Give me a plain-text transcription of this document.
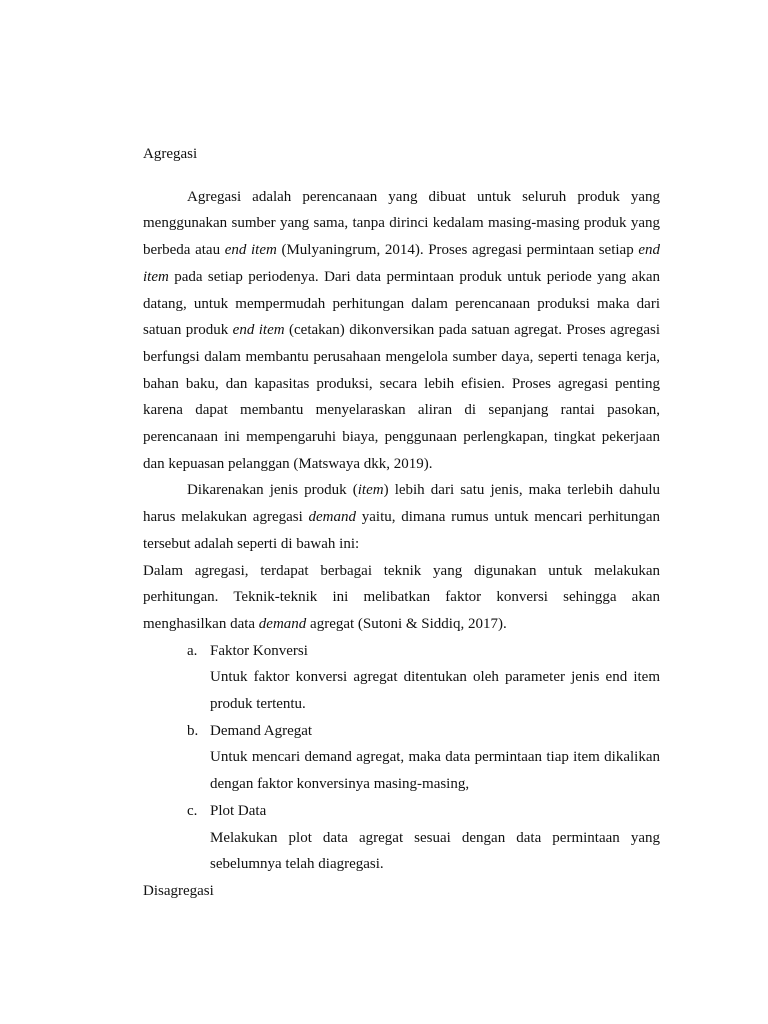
Agregasi

Agregasi adalah perencanaan yang dibuat untuk seluruh produk yang menggunakan sumber yang sama, tanpa dirinci kedalam masing-masing produk yang berbeda atau end item (Mulyaningrum, 2014). Proses agregasi permintaan setiap end item pada setiap periodenya. Dari data permintaan produk untuk periode yang akan datang, untuk mempermudah perhitungan dalam perencanaan produksi maka dari satuan produk end item (cetakan) dikonversikan pada satuan agregat. Proses agregasi berfungsi dalam membantu perusahaan mengelola sumber daya, seperti tenaga kerja, bahan baku, dan kapasitas produksi, secara lebih efisien. Proses agregasi penting karena dapat membantu menyelaraskan aliran di sepanjang rantai pasokan, perencanaan ini mempengaruhi biaya, penggunaan perlengkapan, tingkat pekerjaan dan kepuasan pelanggan (Matswaya dkk, 2019).

Dikarenakan jenis produk (item) lebih dari satu jenis, maka terlebih dahulu harus melakukan agregasi demand yaitu, dimana rumus untuk mencari perhitungan tersebut adalah seperti di bawah ini:

Dalam agregasi, terdapat berbagai teknik yang digunakan untuk melakukan perhitungan. Teknik-teknik ini melibatkan faktor konversi sehingga akan menghasilkan data demand agregat (Sutoni & Siddiq, 2017).

a. Faktor Konversi
Untuk faktor konversi agregat ditentukan oleh parameter jenis end item produk tertentu.
b. Demand Agregat
Untuk mencari demand agregat, maka data permintaan tiap item dikalikan dengan faktor konversinya masing-masing,
c. Plot Data
Melakukan plot data agregat sesuai dengan data permintaan yang sebelumnya telah diagregasi.
Disagregasi
